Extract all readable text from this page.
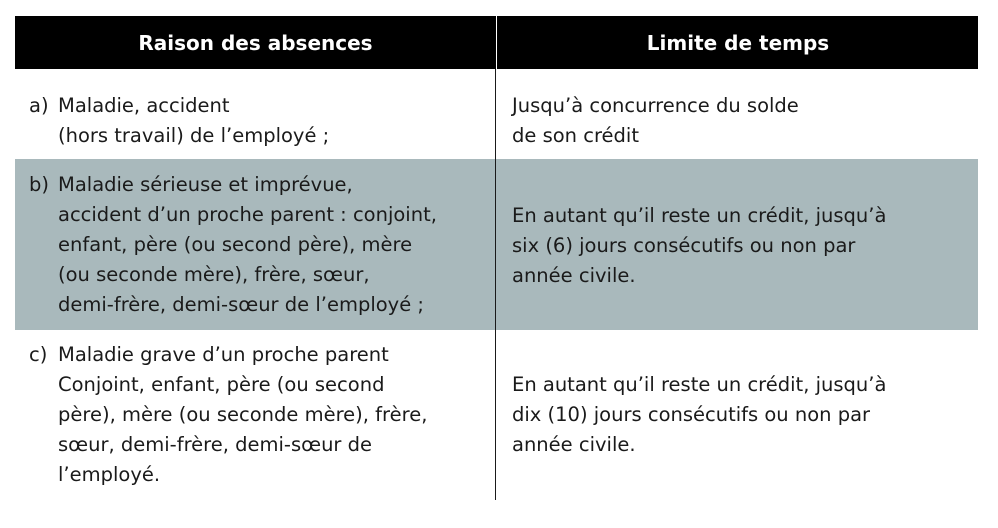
Raison des absences	Limite de temps
a) Maladie, accident
(hors travail) de l’employé ;
Jusqu’à concurrence du solde
de son crédit
b) Maladie sérieuse et imprévue,
accident d’un proche parent : conjoint,
enfant, père (ou second père), mère
(ou seconde mère), frère, sœur,
demi-frère, demi-sœur de l’employé ;
En autant qu’il reste un crédit, jusqu’à
six (6) jours consécutifs ou non par
année civile.
c) Maladie grave d’un proche parent
Conjoint, enfant, père (ou second
père), mère (ou seconde mère), frère,
sœur, demi-frère, demi-sœur de
l’employé.
En autant qu’il reste un crédit, jusqu’à
dix (10) jours consécutifs ou non par
année civile.
